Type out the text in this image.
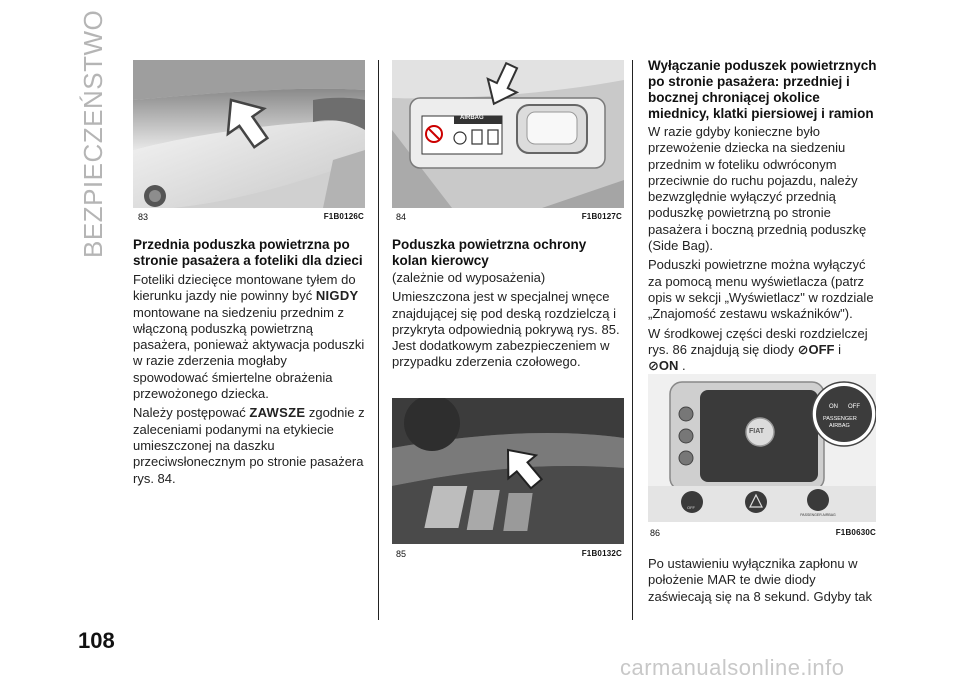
BEZPIECZEŃSTWO	83	F1B0126C
Przednia poduszka powietrzna po stronie pasażera a foteliki dla dzieci

Foteliki dziecięce montowane tyłem do kierunku jazdy nie powinny być NIGDY montowane na siedzeniu przednim z włączoną poduszką powietrzną pasażera, ponieważ aktywacja poduszki w razie zderzenia mogłaby spowodować śmiertelne obrażenia przewożonego dziecka.

Należy postępować ZAWSZE zgodnie z zaleceniami podanymi na etykiecie umieszczonej na daszku przeciwsłonecznym po stronie pasażera rys. 84.

AIRBAG
84	F1B0127C
Poduszka powietrzna ochrony kolan kierowcy

(zależnie od wyposażenia)

Umieszczona jest w specjalnej wnęce znajdującej się pod deską rozdzielczą i przykryta odpowiednią pokrywą rys. 85. Jest dodatkowym zabezpieczeniem w przypadku zderzenia czołowego.

85	F1B0132C
Wyłączanie poduszek powietrznych po stronie pasażera: przedniej i bocznej chroniącej okolice miednicy, klatki piersiowej i ramion

W razie gdyby konieczne było przewożenie dziecka na siedzeniu przednim w foteliku odwróconym przeciwnie do ruchu pojazdu, należy bezwzględnie wyłączyć przednią poduszkę powietrzną po stronie pasażera i boczną przednią poduszkę (Side Bag).

Poduszki powietrzne można wyłączyć za pomocą menu wyświetlacza (patrz opis w sekcji „Wyświetlacz" w rozdziale „Znajomość zestawu wskaźników").

W środkowej części deski rozdzielczej rys. 86 znajdują się diody ⊘OFF i
⊘ON .

FIAT
ON OFF
PASSENGER
AIRBAG
OFF
PASSENGER AIRBAG
86	F1B0630C

Po ustawieniu wyłącznika zapłonu w położenie MAR te dwie diody zaświecają się na 8 sekund. Gdyby tak

108
carmanualsonline.info
